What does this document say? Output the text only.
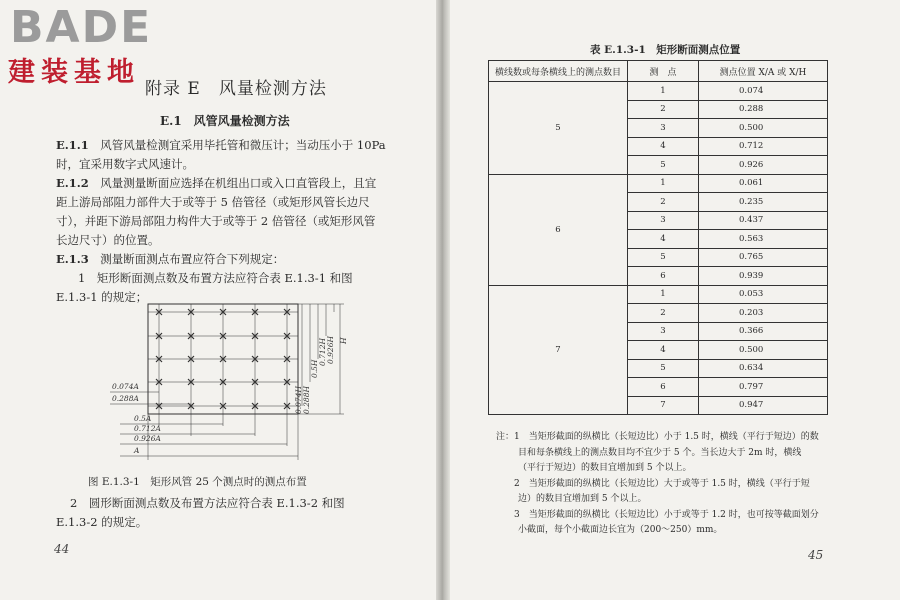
BADE
建装基地
附录 E　风量检测方法
E.1　风管风量检测方法
E.1.1　 风管风量检测宜采用毕托管和微压计；当动压小于 10Pa
时，宜采用数字式风速计。
E.1.2　 风量测量断面应选择在机组出口或入口直管段上，且宜
距上游局部阻力部件大于或等于 5 倍管径（或矩形风管长边尺
寸），并距下游局部阻力构件大于或等于 2 倍管径（或矩形风管
长边尺寸）的位置。
E.1.3　 测量断面测点布置应符合下列规定：
1　矩形断面测点数及布置方法应符合表 E.1.3-1 和图
E.1.3-1 的规定；
0.074A
0.288A
0.5A
0.712A
0.926A
A
0.074H 0.288H
0.5H
0.712H 0.926H H
图 E.1.3-1　矩形风管 25 个测点时的测点布置
2　圆形断面测点数及布置方法应符合表 E.1.3-2 和图
E.1.3-2 的规定。
44
表 E.1.3-1　矩形断面测点位置
横线数或每条横线上的测点数目	测　点	测点位置 X/A 或 X/H
5	1	0.074
	2	0.288
	3	0.500
	4	0.712
	5	0.926
6	1	0.061
	2	0.235
	3	0.437
	4	0.563
	5	0.765
	6	0.939
7	1	0.053
	2	0.203
	3	0.366
	4	0.500
	5	0.634
	6	0.797
	7	0.947
注：1　当矩形截面的纵横比（长短边比）小于 1.5 时，横线（平行于短边）的数
目和每条横线上的测点数目均不宜少于 5 个。当长边大于 2m 时，横线
（平行于短边）的数目宜增加到 5 个以上。
2　当矩形截面的纵横比（长短边比）大于或等于 1.5 时，横线（平行于短
边）的数目宜增加到 5 个以上。
3　当矩形截面的纵横比（长短边比）小于或等于 1.2 时，也可按等截面划分
小截面，每个小截面边长宜为（200～250）mm。
45
